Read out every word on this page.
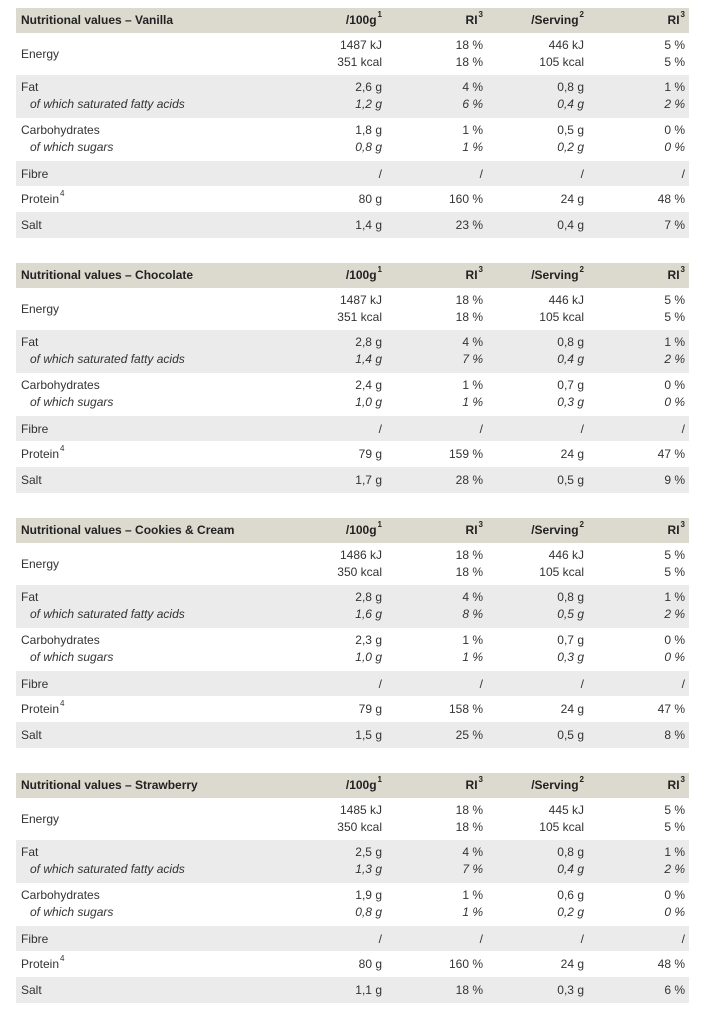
Nutritional values – Vanilla	$/100g^1$	$RI^3$	/Serving$^2$	$RI^3$
Energy
1487 kJ	18 %	446 kJ	5 %
351 kcal	18 %	105 kcal	5 %
Fat	2,6 g	4 %	0,8 g	1 %
of which saturated fatty acids	1,2 g	6 %	0,4 g	2 %
Carbohydrates	1,8 g	1 %	0,5 g	0 %
of which sugars	0,8 g	1 %	0,2 g	0 %
Fibre	/	/	/	/
Protein$^4$	80 g	160 %	24 g	48 %
Salt	1,4 g	23 %	0,4 g	7 %
Nutritional values – Chocolate	$/100g^1$	$RI^3$	/Serving$^2$	$RI^3$
Energy
1487 kJ	18 %	446 kJ	5 %
351 kcal	18 %	105 kcal	5 %
Fat	2,8 g	4 %	0,8 g	1 %
of which saturated fatty acids	1,4 g	7 %	0,4 g	2 %
Carbohydrates	2,4 g	1 %	0,7 g	0 %
of which sugars	1,0 g	1 %	0,3 g	0 %
Fibre	/	/	/	/
Protein$^4$	79 g	159 %	24 g	47 %
Salt	1,7 g	28 %	0,5 g	9 %
Nutritional values – Cookies & Cream	$/100g^1$	$RI^3$	/Serving$^2$	$RI^3$
Energy
1486 kJ	18 %	446 kJ	5 %
350 kcal	18 %	105 kcal	5 %
Fat	2,8 g	4 %	0,8 g	1 %
of which saturated fatty acids	1,6 g	8 %	0,5 g	2 %
Carbohydrates	2,3 g	1 %	0,7 g	0 %
of which sugars	1,0 g	1 %	0,3 g	0 %
Fibre	/	/	/	/
Protein$^4$	79 g	158 %	24 g	47 %
Salt	1,5 g	25 %	0,5 g	8 %
Nutritional values – Strawberry	$/100g^1$	$RI^3$	/Serving$^2$	$RI^3$
Energy
1485 kJ	18 %	445 kJ	5 %
350 kcal	18 %	105 kcal	5 %
Fat	2,5 g	4 %	0,8 g	1 %
of which saturated fatty acids	1,3 g	7 %	0,4 g	2 %
Carbohydrates	1,9 g	1 %	0,6 g	0 %
of which sugars	0,8 g	1 %	0,2 g	0 %
Fibre	/	/	/	/
Protein$^4$	80 g	160 %	24 g	48 %
Salt	1,1 g	18 %	0,3 g	6 %
